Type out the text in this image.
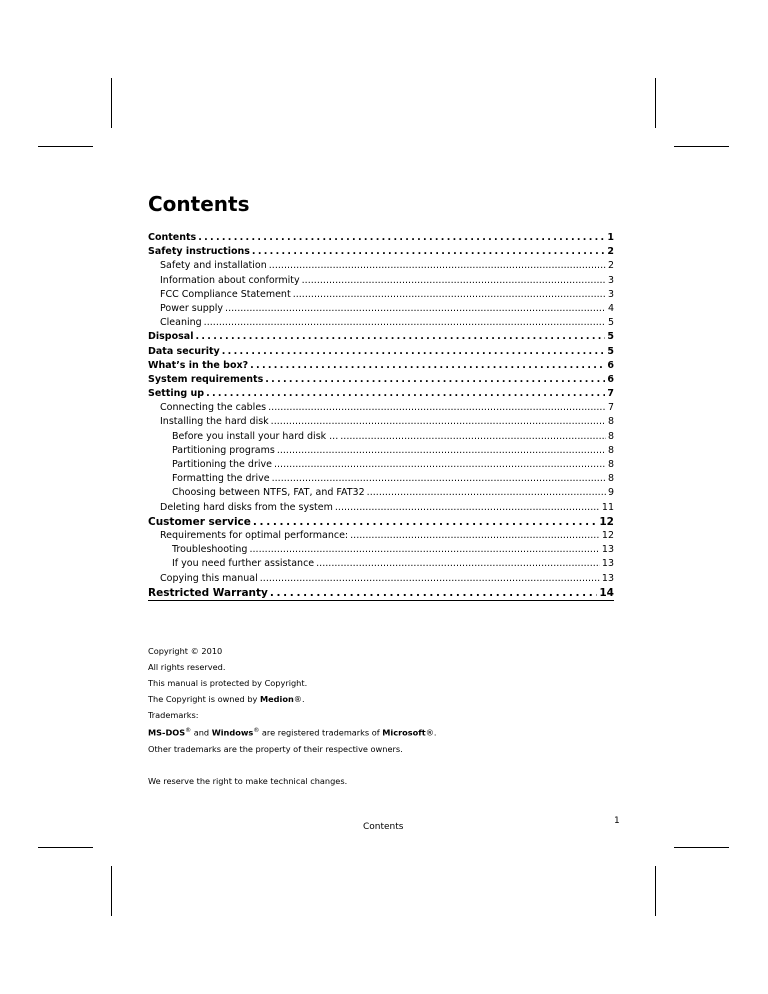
Contents
Contents . . .	1
Safety instructions . . .	2
Safety and installation . . .	2
Information about conformity . . .	3
FCC Compliance Statement . . .	3
Power supply . . .	4
Cleaning . . .	5
Disposal . . .	5
Data security . . .	5
What’s in the box? . . .	6
System requirements . . .	6
Setting up . . .	7
Connecting the cables . . .	7
Installing the hard disk . . .	8
Before you install your hard disk ... . . .	8
Partitioning programs . . .	8
Partitioning the drive . . .	8
Formatting the drive . . .	8
Choosing between NTFS, FAT, and FAT32 . . .	9
Deleting hard disks from the system . . .	11
Customer service . . .	12
Requirements for optimal performance: . . .	12
Troubleshooting . . .	13
If you need further assistance . . .	13
Copying this manual . . .	13
Restricted Warranty . . .	14

Copyright © 2010

All rights reserved.

This manual is protected by Copyright.

The Copyright is owned by Medion®.

Trademarks:

MS-DOS® and Windows® are registered trademarks of Microsoft®.

Other trademarks are the property of their respective owners.

We reserve the right to make technical changes.

Contents
1
